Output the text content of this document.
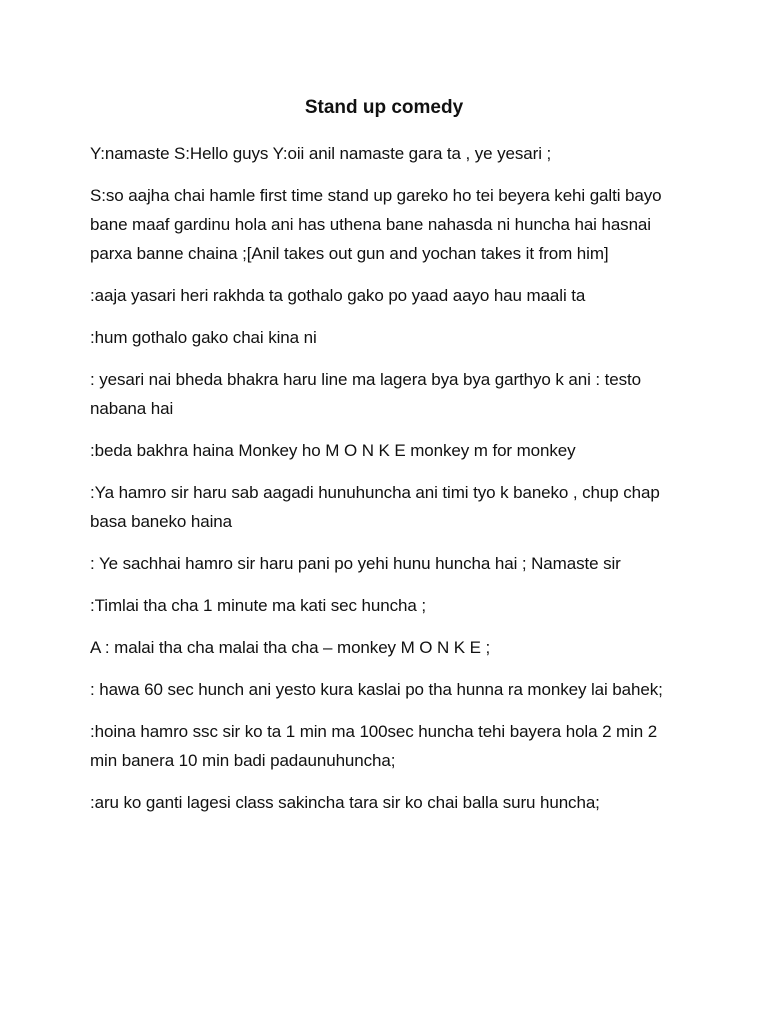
Stand up comedy

Y:namaste S:Hello guys Y:oii anil namaste gara ta , ye yesari ;

S:so aajha chai hamle first time stand up gareko ho tei beyera kehi galti bayo bane maaf gardinu hola ani has uthena bane nahasda ni huncha hai hasnai parxa banne chaina ;[Anil takes out gun and yochan takes it from him]

:aaja yasari heri rakhda ta gothalo gako po yaad aayo hau maali ta

:hum gothalo gako chai kina ni

: yesari nai bheda bhakra haru line ma lagera bya bya garthyo k ani : testo nabana hai

:beda bakhra haina Monkey ho M O N K E monkey m for monkey

:Ya hamro sir haru sab aagadi hunuhuncha ani timi tyo k baneko , chup chap basa baneko haina

: Ye sachhai hamro sir haru pani po yehi hunu huncha hai ; Namaste sir

:Timlai tha cha 1 minute ma kati sec huncha ;

A : malai tha cha malai tha cha – monkey M O N K E ;

: hawa 60 sec hunch ani yesto kura kaslai po tha hunna ra monkey lai bahek;

:hoina hamro ssc sir ko ta 1 min ma 100sec huncha tehi bayera hola 2 min 2 min banera 10 min badi padaunuhuncha;

:aru ko ganti lagesi class sakincha tara sir ko chai balla suru huncha;
